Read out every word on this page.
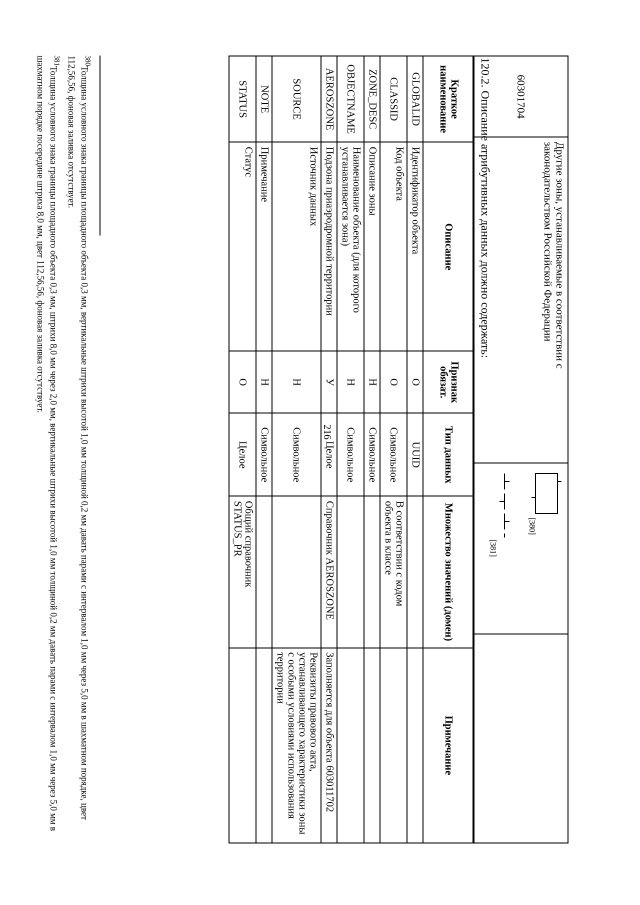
216
60301704	Другие зоны, устанавливаемые в соответствии с законодательством Российской Федерации	
[380]

[381]

120.2. Описание атрибутивных данных должно содержать:
Краткое наименование	Описание	Признак обязат.	Тип данных	Множество значений (домен)	Примечание
GLOBALID	Идентификатор объекта	О	UUID		
CLASSID	Код объекта	О	Символьное	В соответствии с кодом объекта в классе	
ZONE_DESC	Описание зоны	Н	Символьное		
OBJECTNAME	Наименование объекта (для которого устанавливается зона)	Н	Символьное		
AEROSZONE	Подзона приаэродромной территории	У	Целое	Справочник AEROSZONE	Заполняется для объекта 603011702
SOURCE	Источник данных	Н	Символьное		Реквизиты правового акта, устанавливающего характеристики зоны с особыми условиями использования территории
NOTE	Примечание	Н	Символьное		
STATUS	Статус	О	Целое	Общий справочник STATUS_PR	

$^{380}$Толщина условного знака границы площадного объекта 0,3 мм, вертикальные штрихи высотой 1,0 мм толщиной 0,2 мм давать парами с интервалом 1,0 мм через 5,0 мм в шахматном порядке, цвет 112,56,56, фоновая заливка отсутствует.

$^{381}$Толщина условного знака границы площадного объекта 0,3 мм, штрихи 8,0 мм через 2,0 мм, вертикальные штрихи высотой 1,0 мм толщиной 0,2 мм давать парами с интервалом 1,0 мм через 5,0 мм в шахматном порядке посередине штриха 8,0 мм, цвет 112,56,56, фоновая заливка отсутствует.
